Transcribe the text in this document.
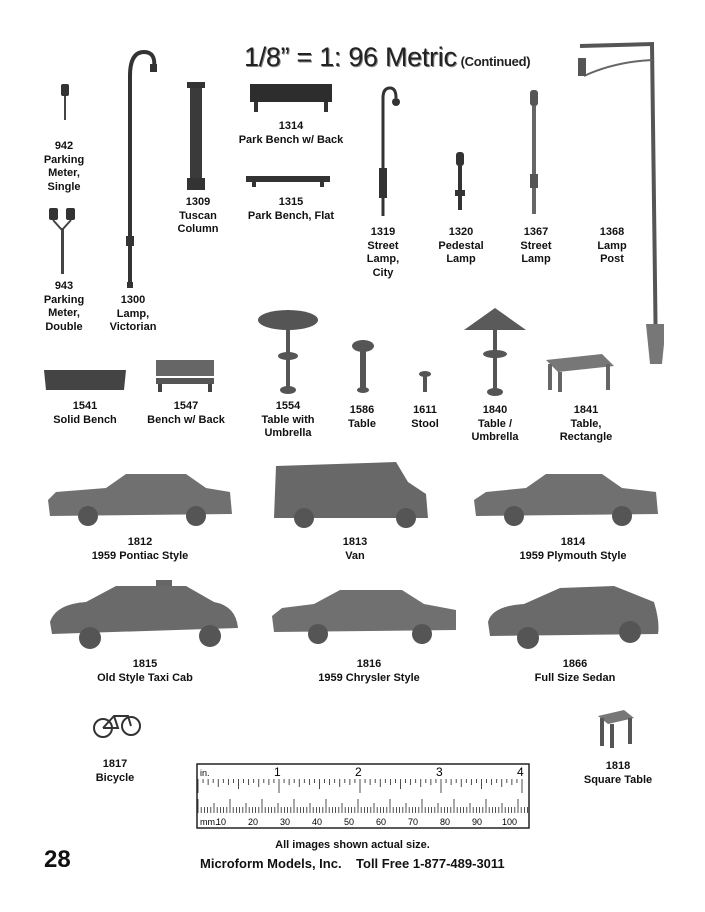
1/8” = 1: 96 Metric (Continued)
942
Parking
Meter,
Single
943
Parking
Meter,
Double
1300
Lamp,
Victorian
1309
Tuscan
Column
1314
Park Bench w/ Back
1315
Park Bench, Flat
1319
Street
Lamp,
City
1320
Pedestal
Lamp
1367
Street
Lamp
1368
Lamp
Post
1541
Solid Bench
1547
Bench w/ Back
1554
Table with
Umbrella
1586
Table
1611
Stool
1840
Table /
Umbrella
1841
Table,
Rectangle
1812
1959 Pontiac Style
1813
Van
1814
1959 Plymouth Style
1815
Old Style Taxi Cab
1816
1959 Chrysler Style
1866
Full Size Sedan
1817
Bicycle
1818
Square Table
in.
mm.
1	2	3	4
10 20 30 40 50 60 70 80 90 100
All images shown actual size.
28	Microform Models, Inc. Toll Free 1-877-489-3011
